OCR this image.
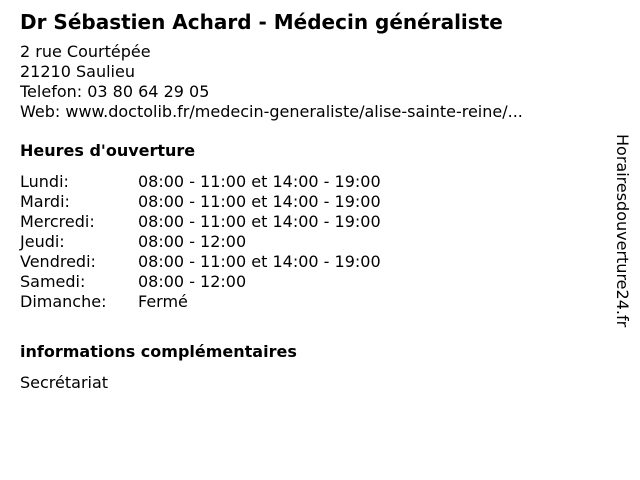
Dr Sébastien Achard - Médecin généraliste
2 rue Courtépée
21210 Saulieu
Telefon: 03 80 64 29 05
Web: www.doctolib.fr/medecin-generaliste/alise-sainte-reine/...
Heures d'ouverture
Lundi:	08:00 - 11:00 et 14:00 - 19:00
Mardi:	08:00 - 11:00 et 14:00 - 19:00
Mercredi:	08:00 - 11:00 et 14:00 - 19:00
Jeudi:	08:00 - 12:00
Vendredi:	08:00 - 11:00 et 14:00 - 19:00
Samedi:	08:00 - 12:00
Dimanche:	Fermé
informations complémentaires
Secrétariat
Horairesdouverture24.fr
